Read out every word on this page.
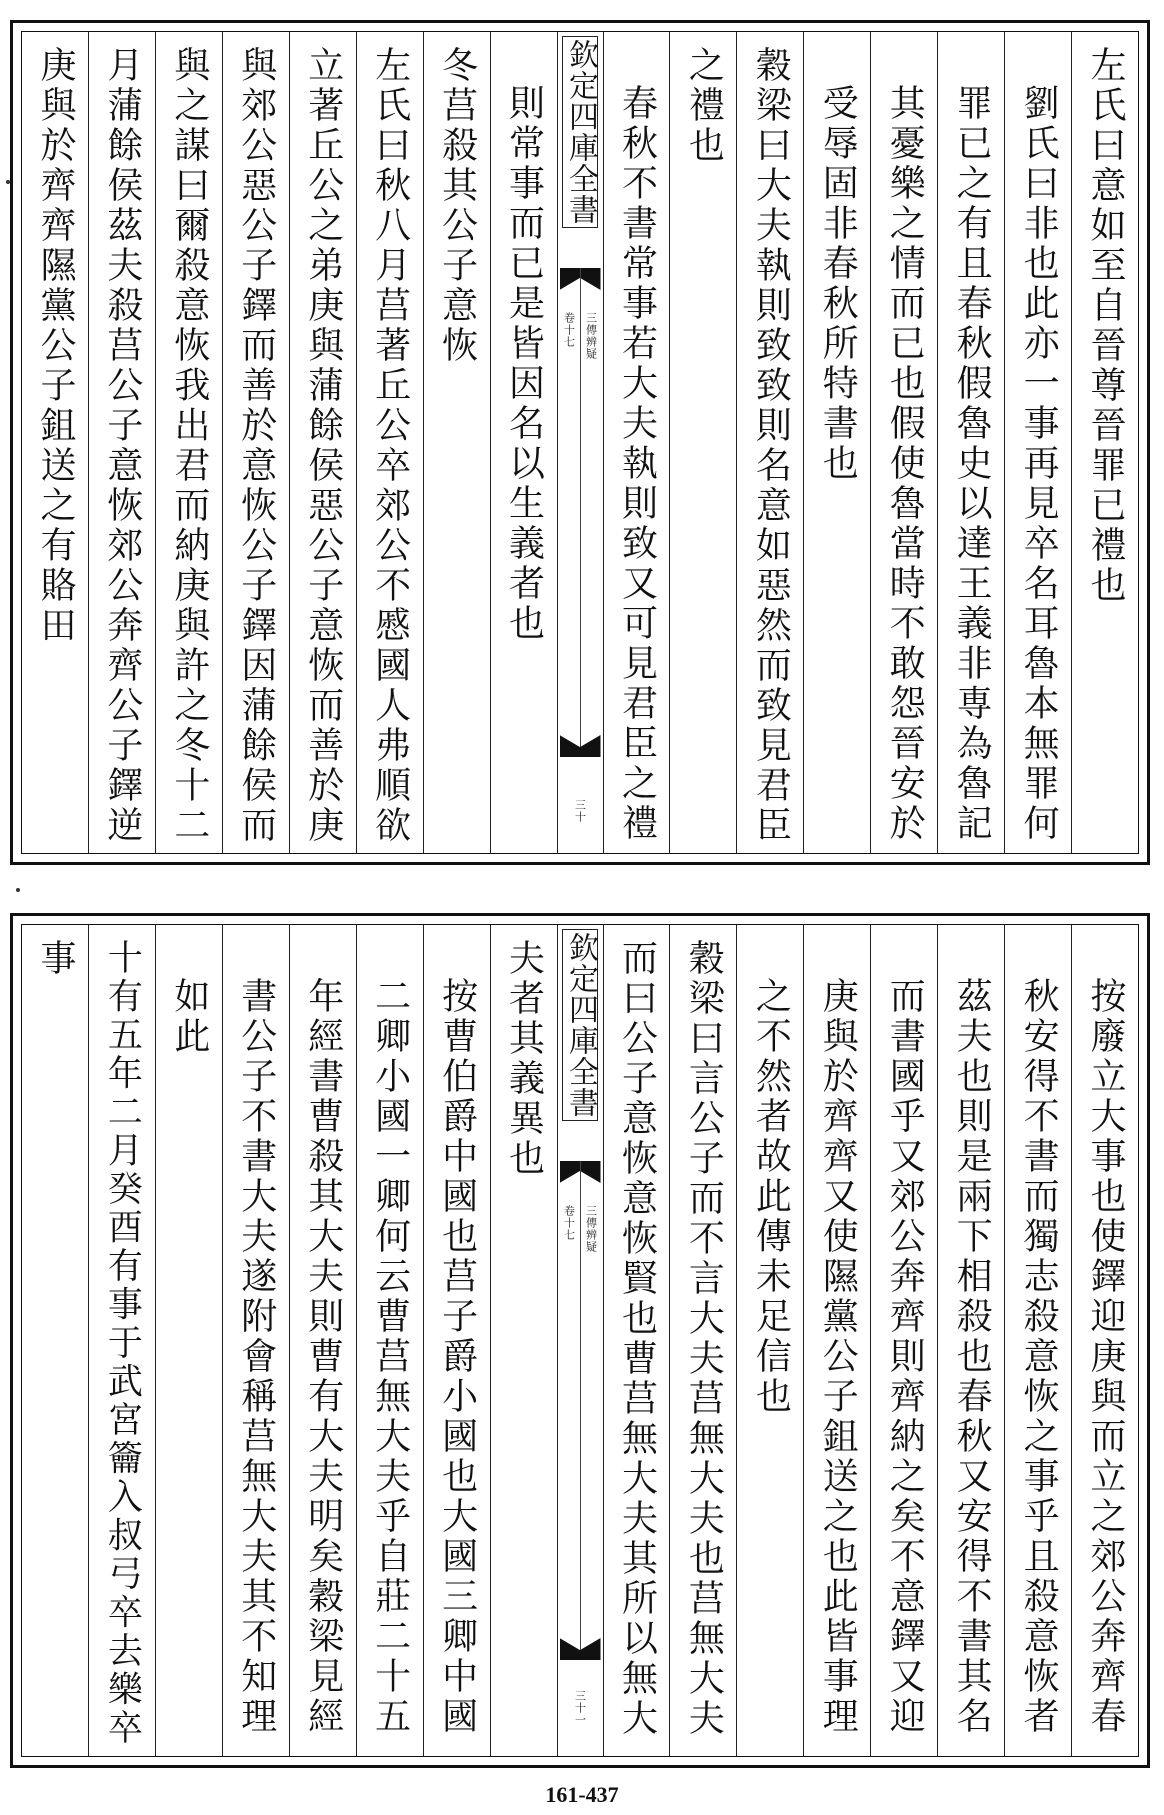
左氏曰意如至自晉尊晉罪已禮也
劉氏曰非也此亦一事再見卒名耳魯本無罪何
罪已之有且春秋假魯史以達王義非専為魯記
其憂樂之情而已也假使魯當時不敢怨晉安於
受辱固非春秋所特書也
穀梁曰大夫執則致致則名意如惡然而致見君臣
之禮也
春秋不書常事若大夫執則致又可見君臣之禮
欽定四庫全書
三傳辨疑
卷十七
三十
則常事而已是皆因名以生義者也
冬莒殺其公子意恢
左氏曰秋八月莒著丘公卒郊公不慼國人弗順欲
立著丘公之弟庚與蒲餘侯惡公子意恢而善於庚
與郊公惡公子鐸而善於意恢公子鐸因蒲餘侯而
與之謀曰爾殺意恢我出君而納庚與許之冬十二
月蒲餘侯茲夫殺莒公子意恢郊公奔齊公子鐸逆
庚與於齊齊隰黨公子鉏送之有賂田
按廢立大事也使鐸迎庚與而立之郊公奔齊春
秋安得不書而獨志殺意恢之事乎且殺意恢者
茲夫也則是兩下相殺也春秋又安得不書其名
而書國乎又郊公奔齊則齊納之矣不意鐸又迎
庚與於齊齊又使隰黨公子鉏送之也此皆事理
之不然者故此傳未足信也
穀梁曰言公子而不言大夫莒無大夫也莒無大夫
而曰公子意恢意恢賢也曹莒無大夫其所以無大
欽定四庫全書
三傳辨疑
卷十七
三十一
夫者其義異也
按曹伯爵中國也莒子爵小國也大國三卿中國
二卿小國一卿何云曹莒無大夫乎自莊二十五
年經書曹殺其大夫則曹有大夫明矣穀梁見經
書公子不書大夫遂附會稱莒無大夫其不知理
如此
十有五年二月癸酉有事于武宮籥入叔弓卒去樂卒
事
161-437
